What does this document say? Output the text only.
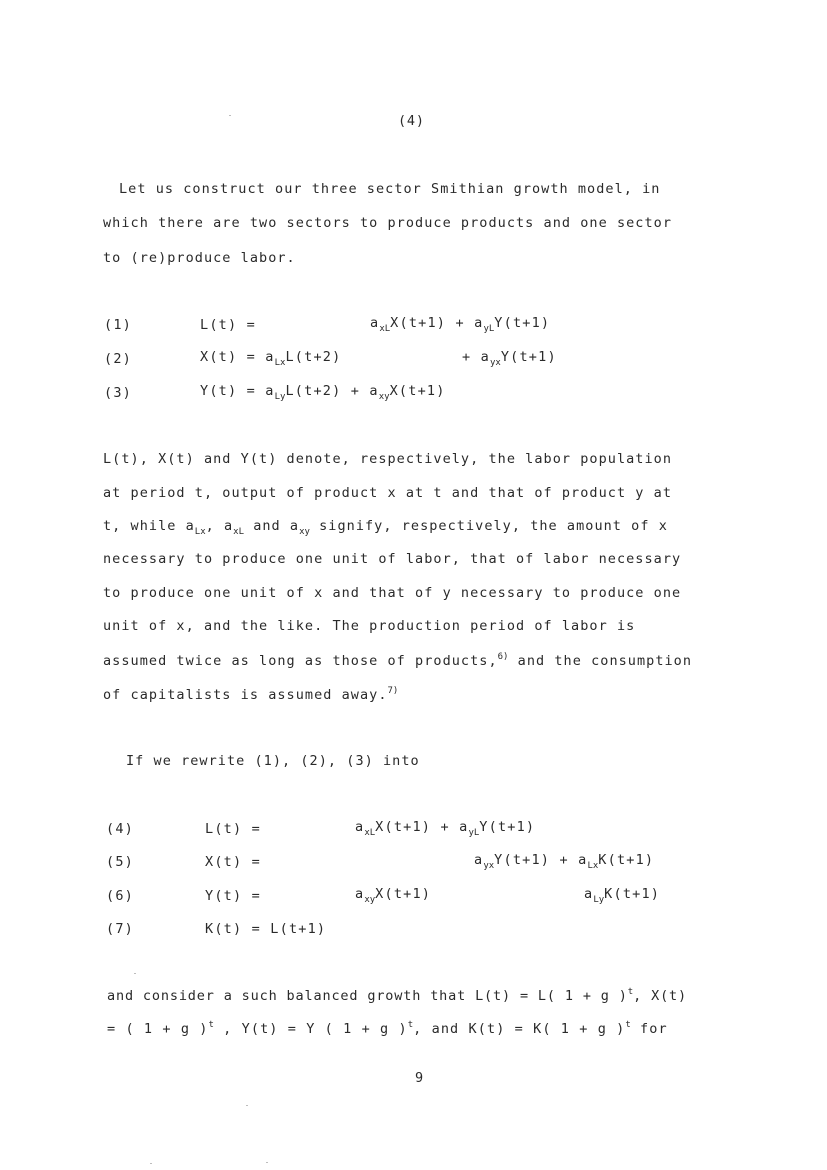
(4)
Let us construct our three sector Smithian growth model, in
which there are two sectors to produce products and one sector
to (re)produce labor.
(1)	L(t) =	$a_{xL}X(t+1) + a_{yL}Y(t+1)$
(2)	$X(t) = a_{Lx}L(t+2)$	+ $a_{yx}Y(t+1)$
(3)	$Y(t) = a_{Ly}L(t+2) + a_{xy}X(t+1)$
L(t), X(t) and Y(t) denote, respectively, the labor population
at period t, output of product x at t and that of product y at
t, while $a_{Lx}$, $a_{xL}$ and $a_{xy}$ signify, respectively, the amount of x
necessary to produce one unit of labor, that of labor necessary
to produce one unit of x and that of y necessary to produce one
unit of x, and the like. The production period of labor is
assumed twice as long as those of products,$^{6)}$ and the consumption
of capitalists is assumed away.$^{7)}$
If we rewrite (1), (2), (3) into
(4)	L(t) =	$a_{xL}X(t+1) + a_{yL}Y(t+1)$
(5)	X(t) =	$a_{yx}Y(t+1) + a_{Lx}K(t+1)$
(6)	Y(t) =	$a_{xy}X(t+1)$	$a_{Ly}K(t+1)$
(7)	K(t) = L(t+1)
and consider a such balanced growth that L(t) = L( 1 + g )$^t$, X(t)
= ( 1 + g )$^t$ , Y(t) = Y ( 1 + g )$^t$, and K(t) = K( 1 + g )$^t$ for
9
